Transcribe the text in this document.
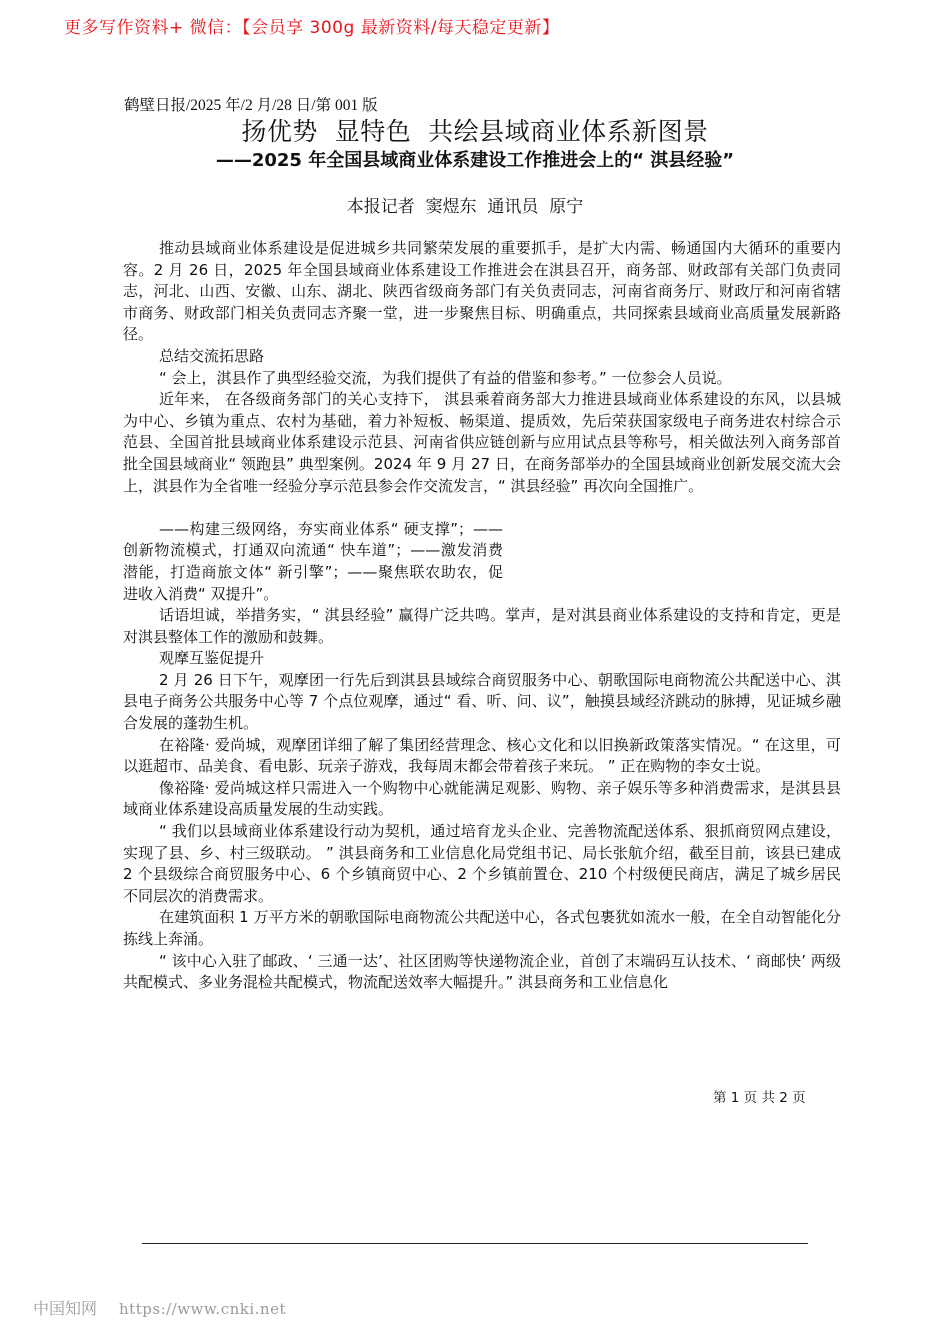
更多写作资料+ 微信：【会员享 300g 最新资料/每天稳定更新】
鹤壁日报/2025 年/2 月/28 日/第 001 版
扬优势  显特色  共绘县域商业体系新图景
——2025 年全国县域商业体系建设工作推进会上的“ 淇县经验”
本报记者  窦煜东  通讯员  原宁

推动县域商业体系建设是促进城乡共同繁荣发展的重要抓手，是扩大内需、畅通国内大循环的重要内容。2 月 26 日，2025 年全国县域商业体系建设工作推进会在淇县召开，商务部、财政部有关部门负责同志，河北、山西、安徽、山东、湖北、陕西省级商务部门有关负责同志，河南省商务厅、财政厅和河南省辖市商务、财政部门相关负责同志齐聚一堂，进一步聚焦目标、明确重点，共同探索县域商业高质量发展新路径。

总结交流拓思路

“ 会上，淇县作了典型经验交流，为我们提供了有益的借鉴和参考。” 一位参会人员说。

近年来， 在各级商务部门的关心支持下， 淇县乘着商务部大力推进县域商业体系建设的东风，以县城为中心、乡镇为重点、农村为基础，着力补短板、畅渠道、提质效，先后荣获国家级电子商务进农村综合示范县、全国首批县域商业体系建设示范县、河南省供应链创新与应用试点县等称号，相关做法列入商务部首批全国县域商业“ 领跑县” 典型案例。2024 年 9 月 27 日，在商务部举办的全国县域商业创新发展交流大会上，淇县作为全省唯一经验分享示范县参会作交流发言，“ 淇县经验” 再次向全国推广。

——构建三级网络，夯实商业体系“ 硬支撑”；——创新物流模式，打通双向流通“ 快车道”；——激发消费潜能，打造商旅文体“ 新引擎”；——聚焦联农助农，促进收入消费“ 双提升”。

话语坦诚，举措务实，“ 淇县经验” 赢得广泛共鸣。掌声，是对淇县商业体系建设的支持和肯定，更是对淇县整体工作的激励和鼓舞。

观摩互鉴促提升

2 月 26 日下午，观摩团一行先后到淇县县域综合商贸服务中心、朝歌国际电商物流公共配送中心、淇县电子商务公共服务中心等 7 个点位观摩，通过“ 看、听、问、议”，触摸县域经济跳动的脉搏，见证城乡融合发展的蓬勃生机。

在裕隆· 爱尚城，观摩团详细了解了集团经营理念、核心文化和以旧换新政策落实情况。“ 在这里，可以逛超市、品美食、看电影、玩亲子游戏，我每周末都会带着孩子来玩。 ” 正在购物的李女士说。

像裕隆· 爱尚城这样只需进入一个购物中心就能满足观影、购物、亲子娱乐等多种消费需求，是淇县县域商业体系建设高质量发展的生动实践。

“ 我们以县域商业体系建设行动为契机，通过培育龙头企业、完善物流配送体系、狠抓商贸网点建设，实现了县、乡、村三级联动。 ” 淇县商务和工业信息化局党组书记、局长张航介绍，截至目前，该县已建成 2 个县级综合商贸服务中心、6 个乡镇商贸中心、2 个乡镇前置仓、210 个村级便民商店，满足了城乡居民不同层次的消费需求。

在建筑面积 1 万平方米的朝歌国际电商物流公共配送中心，各式包裹犹如流水一般，在全自动智能化分拣线上奔涌。

“ 该中心入驻了邮政、‘ 三通一达’、社区团购等快递物流企业，首创了末端码互认技术、‘ 商邮快’ 两级共配模式、多业务混检共配模式，物流配送效率大幅提升。” 淇县商务和工业信息化

第 1 页 共 2 页
中国知网 https://www.cnki.net
